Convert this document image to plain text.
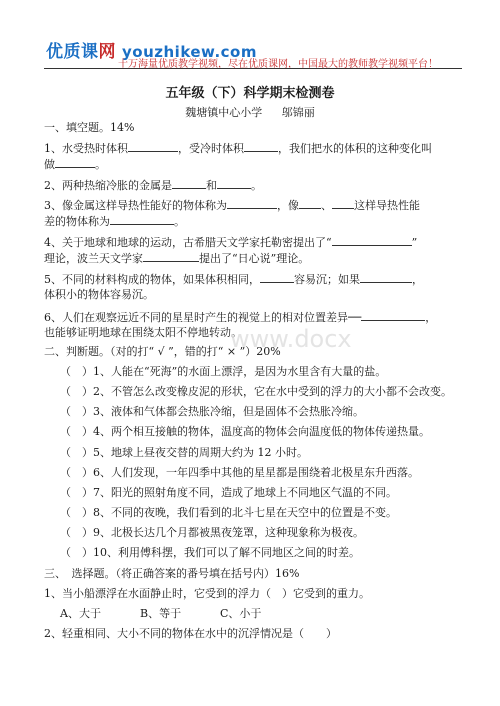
优质课网 youzhikew.com
十万海量优质教学视频，尽在优质课网，中国最大的教师教学视频平台！
五年级（下）科学期末检测卷
魏塘镇中心小学 邬锦丽
一、填空题。14%
1、水受热时体积	，受冷时体积	，我们把水的体积的这种变化叫
做	。
2、两种热缩冷胀的金属是	和	。
3、像金属这样导热性能好的物体称为	，像 、 这样导热性能
差的物体称为	。
4、关于地球和地球的运动，古希腊天文学家托勒密提出了“	”
理论，波兰天文学家	提出了“日心说”理论。
5、不同的材料构成的物体，如果体积相同，	容易沉；如果	，
体积小的物体容易沉。
6、人们在观察远近不同的星星时产生的视觉上的相对位置差异──	，
也能够证明地球在围绕太阳不停地转动。
二、判断题。（对的打“ √ ”，错的打“ × ”）20%
（　）1、人能在“死海”的水面上漂浮，是因为水里含有大量的盐。
（　）2、不管怎么改变橡皮泥的形状，它在水中受到的浮力的大小都不会改变。
（　）3、液体和气体都会热胀冷缩，但是固体不会热胀冷缩。
（　）4、两个相互接触的物体，温度高的物体会向温度低的物体传递热量。
（　）5、地球上昼夜交替的周期大约为 12 小时。
（　）6、人们发现，一年四季中其他的星星都是围绕着北极星东升西落。
（　）7、阳光的照射角度不同，造成了地球上不同地区气温的不同。
（　）8、不同的夜晚，我们看到的北斗七星在天空中的位置是不变。
（　）9、北极长达几个月都被黑夜笼罩，这种现象称为极夜。
（　）10、利用傅科摆，我们可以了解不同地区之间的时差。
三、　选择题。（将正确答案的番号填在括号内）16%
1、当小船漂浮在水面静止时，它受到的浮力（　）它受到的重力。
A、大于	B、等于	C、小于
2、轻重相同、大小不同的物体在水中的沉浮情况是（　　）
www.docx
